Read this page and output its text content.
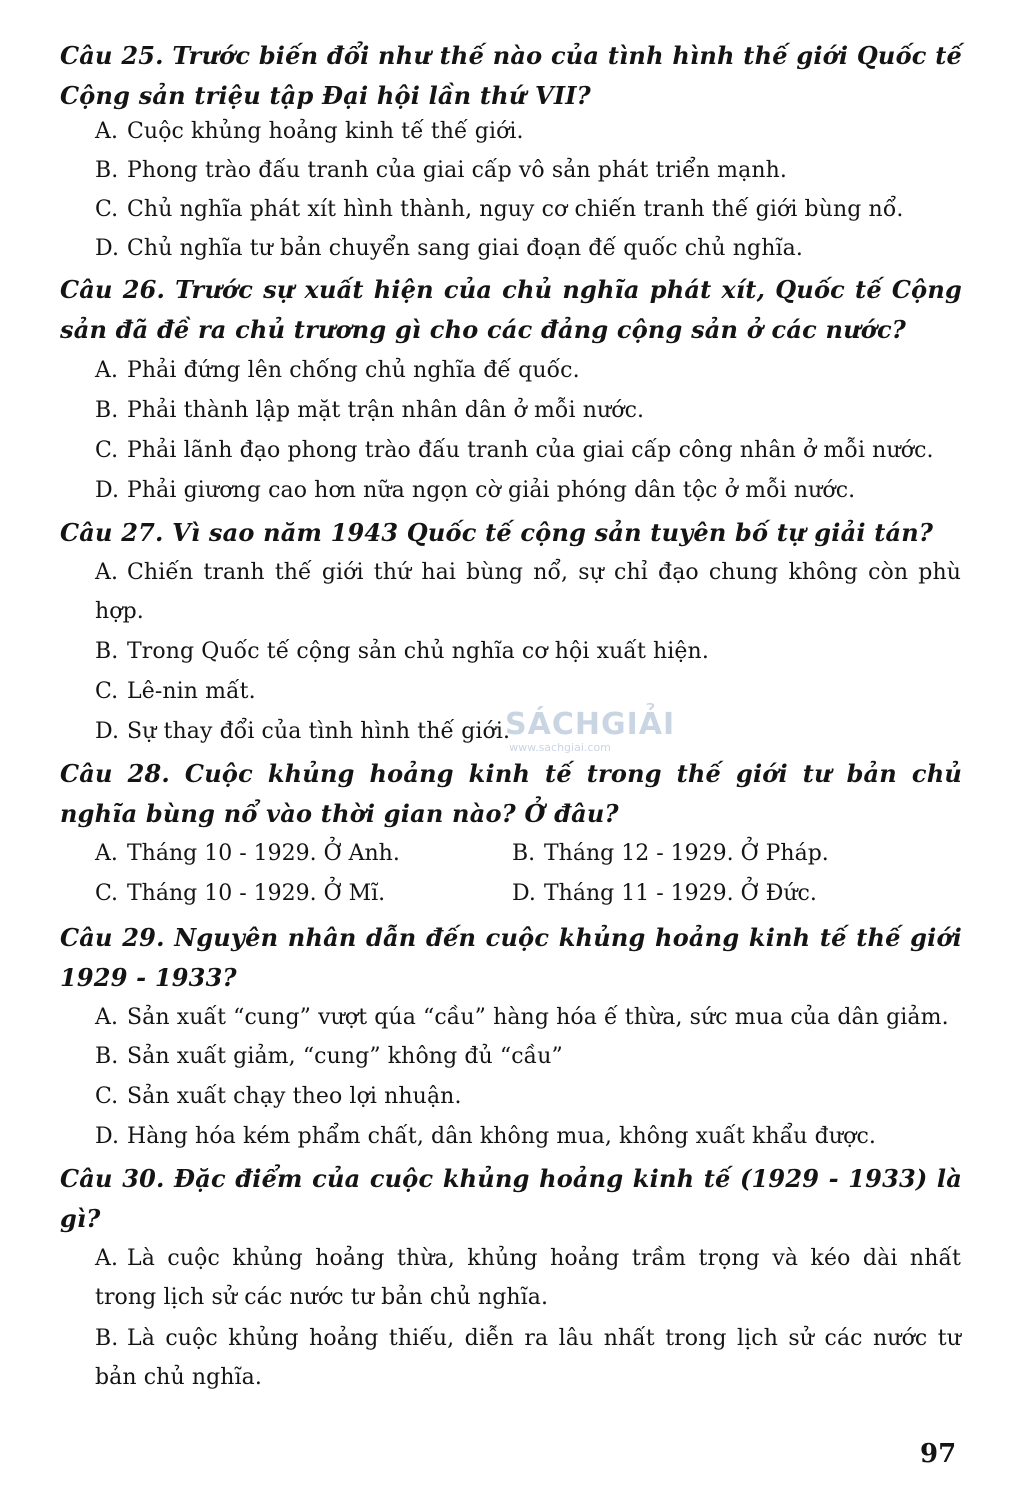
Câu 25. Trước biến đổi như thế nào của tình hình thế giới Quốc tế Cộng sản triệu tập Đại hội lần thứ VII?
A. Cuộc khủng hoảng kinh tế thế giới.
B. Phong trào đấu tranh của giai cấp vô sản phát triển mạnh.
C. Chủ nghĩa phát xít hình thành, nguy cơ chiến tranh thế giới bùng nổ.
D. Chủ nghĩa tư bản chuyển sang giai đoạn đế quốc chủ nghĩa.
Câu 26. Trước sự xuất hiện của chủ nghĩa phát xít, Quốc tế Cộng sản đã đề ra chủ trương gì cho các đảng cộng sản ở các nước?
A. Phải đứng lên chống chủ nghĩa đế quốc.
B. Phải thành lập mặt trận nhân dân ở mỗi nước.
C. Phải lãnh đạo phong trào đấu tranh của giai cấp công nhân ở mỗi nước.
D. Phải giương cao hơn nữa ngọn cờ giải phóng dân tộc ở mỗi nước.
Câu 27. Vì sao năm 1943 Quốc tế cộng sản tuyên bố tự giải tán?
A. Chiến tranh thế giới thứ hai bùng nổ, sự chỉ đạo chung không còn phù hợp.
B. Trong Quốc tế cộng sản chủ nghĩa cơ hội xuất hiện.
C. Lê-nin mất.
D. Sự thay đổi của tình hình thế giới.
SÁCHGIẢI
www.sachgiai.com
Câu 28. Cuộc khủng hoảng kinh tế trong thế giới tư bản chủ nghĩa bùng nổ vào thời gian nào? Ở đâu?
A. Tháng 10 - 1929. Ở Anh.	B. Tháng 12 - 1929. Ở Pháp.
C. Tháng 10 - 1929. Ở Mĩ.	D. Tháng 11 - 1929. Ở Đức.
Câu 29. Nguyên nhân dẫn đến cuộc khủng hoảng kinh tế thế giới 1929 - 1933?
A. Sản xuất “cung” vượt qúa “cầu” hàng hóa ế thừa, sức mua của dân giảm.
B. Sản xuất giảm, “cung” không đủ “cầu”
C. Sản xuất chạy theo lợi nhuận.
D. Hàng hóa kém phẩm chất, dân không mua, không xuất khẩu được.
Câu 30. Đặc điểm của cuộc khủng hoảng kinh tế (1929 - 1933) là gì?
A. Là cuộc khủng hoảng thừa, khủng hoảng trầm trọng và kéo dài nhất trong lịch sử các nước tư bản chủ nghĩa.
B. Là cuộc khủng hoảng thiếu, diễn ra lâu nhất trong lịch sử các nước tư bản chủ nghĩa.
97
